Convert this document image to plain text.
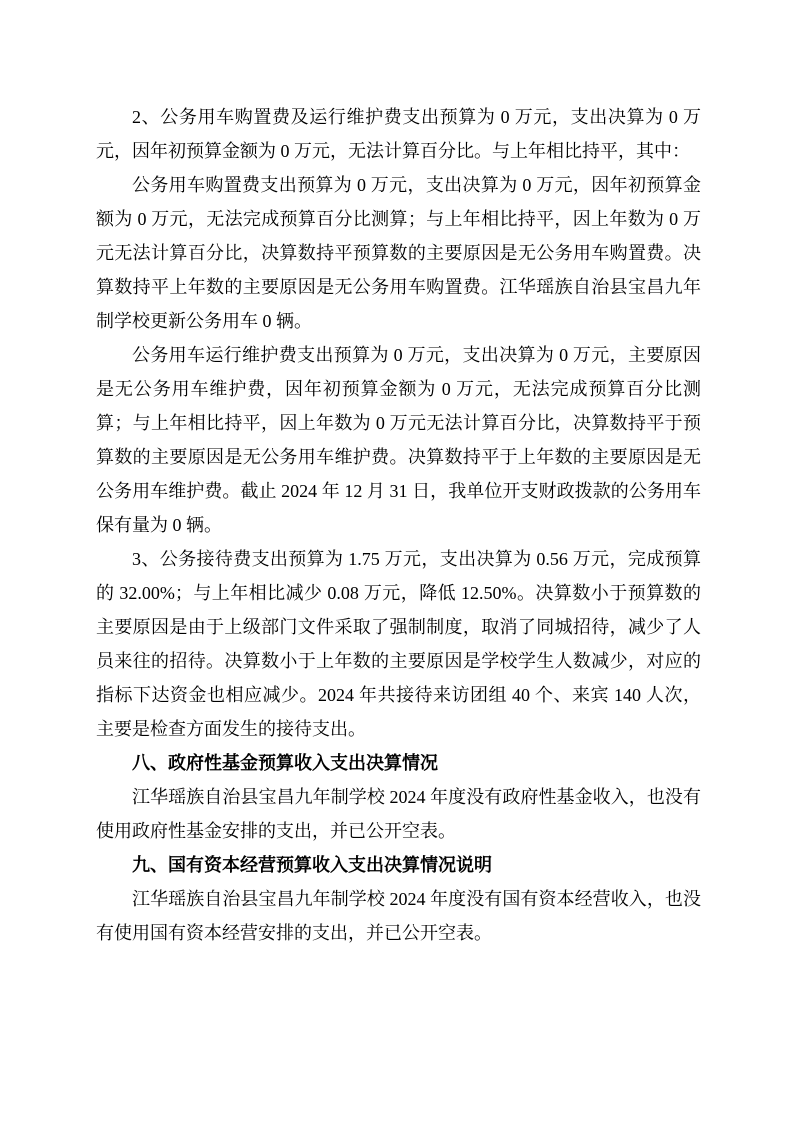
2、公务用车购置费及运行维护费支出预算为 0 万元，支出决算为 0 万元，因年初预算金额为 0 万元，无法计算百分比。与上年相比持平，其中：

公务用车购置费支出预算为 0 万元，支出决算为 0 万元，因年初预算金额为 0 万元，无法完成预算百分比测算；与上年相比持平，因上年数为 0 万元无法计算百分比，决算数持平预算数的主要原因是无公务用车购置费。决算数持平上年数的主要原因是无公务用车购置费。江华瑶族自治县宝昌九年制学校更新公务用车 0 辆。

公务用车运行维护费支出预算为 0 万元，支出决算为 0 万元，主要原因是无公务用车维护费，因年初预算金额为 0 万元，无法完成预算百分比测算；与上年相比持平，因上年数为 0 万元无法计算百分比，决算数持平于预算数的主要原因是无公务用车维护费。决算数持平于上年数的主要原因是无公务用车维护费。截止 2024 年 12 月 31 日，我单位开支财政拨款的公务用车保有量为 0 辆。

3、公务接待费支出预算为 1.75 万元，支出决算为 0.56 万元，完成预算的 32.00%；与上年相比减少 0.08 万元，降低 12.50%。决算数小于预算数的主要原因是由于上级部门文件采取了强制制度，取消了同城招待，减少了人员来往的招待。决算数小于上年数的主要原因是学校学生人数减少，对应的指标下达资金也相应减少。2024 年共接待来访团组 40 个、来宾 140 人次，主要是检查方面发生的接待支出。

八、政府性基金预算收入支出决算情况

江华瑶族自治县宝昌九年制学校 2024 年度没有政府性基金收入，也没有使用政府性基金安排的支出，并已公开空表。

九、国有资本经营预算收入支出决算情况说明

江华瑶族自治县宝昌九年制学校 2024 年度没有国有资本经营收入，也没有使用国有资本经营安排的支出，并已公开空表。
